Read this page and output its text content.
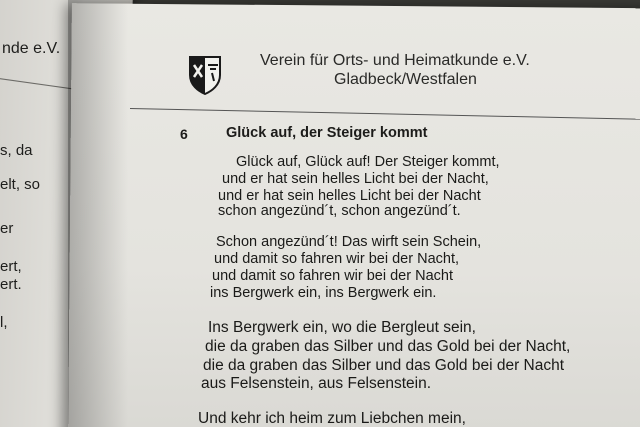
nde e.V.
s, da
elt, so
er
ert,
ert.
l,
Verein für Orts- und Heimatkunde e.V.
Gladbeck/Westfalen

6	Glück auf, der Steiger kommt
Glück auf, Glück auf! Der Steiger kommt,
und er hat sein helles Licht bei der Nacht,
und er hat sein helles Licht bei der Nacht
schon angezünd´t, schon angezünd´t.
Schon angezünd´t! Das wirft sein Schein,
und damit so fahren wir bei der Nacht,
und damit so fahren wir bei der Nacht
ins Bergwerk ein, ins Bergwerk ein.
Ins Bergwerk ein, wo die Bergleut sein,
die da graben das Silber und das Gold bei der Nacht,
die da graben das Silber und das Gold bei der Nacht
aus Felsenstein, aus Felsenstein.
Und kehr ich heim zum Liebchen mein,
